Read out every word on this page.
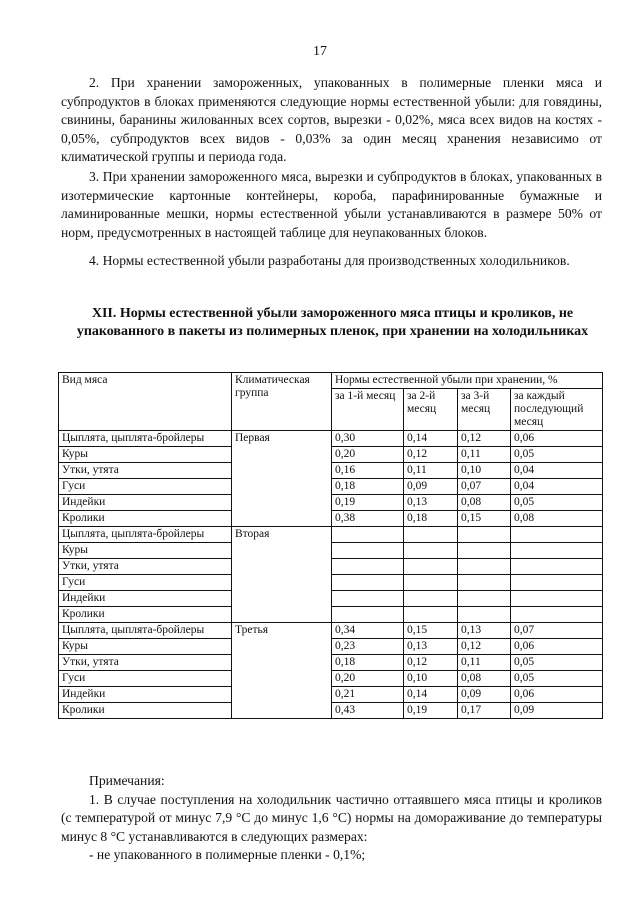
17
2. При хранении замороженных, упакованных в полимерные пленки мяса и субпродуктов в блоках применяются следующие нормы естественной убыли: для говядины, свинины, баранины жилованных всех сортов, вырезки - 0,02%, мяса всех видов на костях - 0,05%, субпродуктов всех видов - 0,03% за один месяц хранения независимо от климатической группы и периода года.
3. При хранении замороженного мяса, вырезки и субпродуктов в блоках, упакованных в изотермические картонные контейнеры, короба, парафинированные бумажные и ламинированные мешки, нормы естественной убыли устанавливаются в размере 50% от норм, предусмотренных в настоящей таблице для неупакованных блоков.
4. Нормы естественной убыли разработаны для производственных холодильников.
XII. Нормы естественной убыли замороженного мяса птицы и кроликов, не упакованного в пакеты из полимерных пленок, при хранении на холодильниках
Вид мяса	Климатическая группа	Нормы естественной убыли при хранении, %			
		за 1-й месяц	за 2-й месяц	за 3-й месяц	за каждый последующий месяц
Цыплята, цыплята-бройлеры	Первая	0,30	0,14	0,12	0,06
Куры		0,20	0,12	0,11	0,05
Утки, утята		0,16	0,11	0,10	0,04
Гуси		0,18	0,09	0,07	0,04
Индейки		0,19	0,13	0,08	0,05
Кролики		0,38	0,18	0,15	0,08
Цыплята, цыплята-бройлеры	Вторая				
Куры					
Утки, утята					
Гуси					
Индейки					
Кролики					
Цыплята, цыплята-бройлеры	Третья	0,34	0,15	0,13	0,07
Куры		0,23	0,13	0,12	0,06
Утки, утята		0,18	0,12	0,11	0,05
Гуси		0,20	0,10	0,08	0,05
Индейки		0,21	0,14	0,09	0,06
Кролики		0,43	0,19	0,17	0,09
Примечания:
1. В случае поступления на холодильник частично оттаявшего мяса птицы и кроликов (с температурой от минус 7,9 °С до минус 1,6 °С) нормы на домораживание до температуры минус 8 °С устанавливаются в следующих размерах:
- не упакованного в полимерные пленки - 0,1%;
